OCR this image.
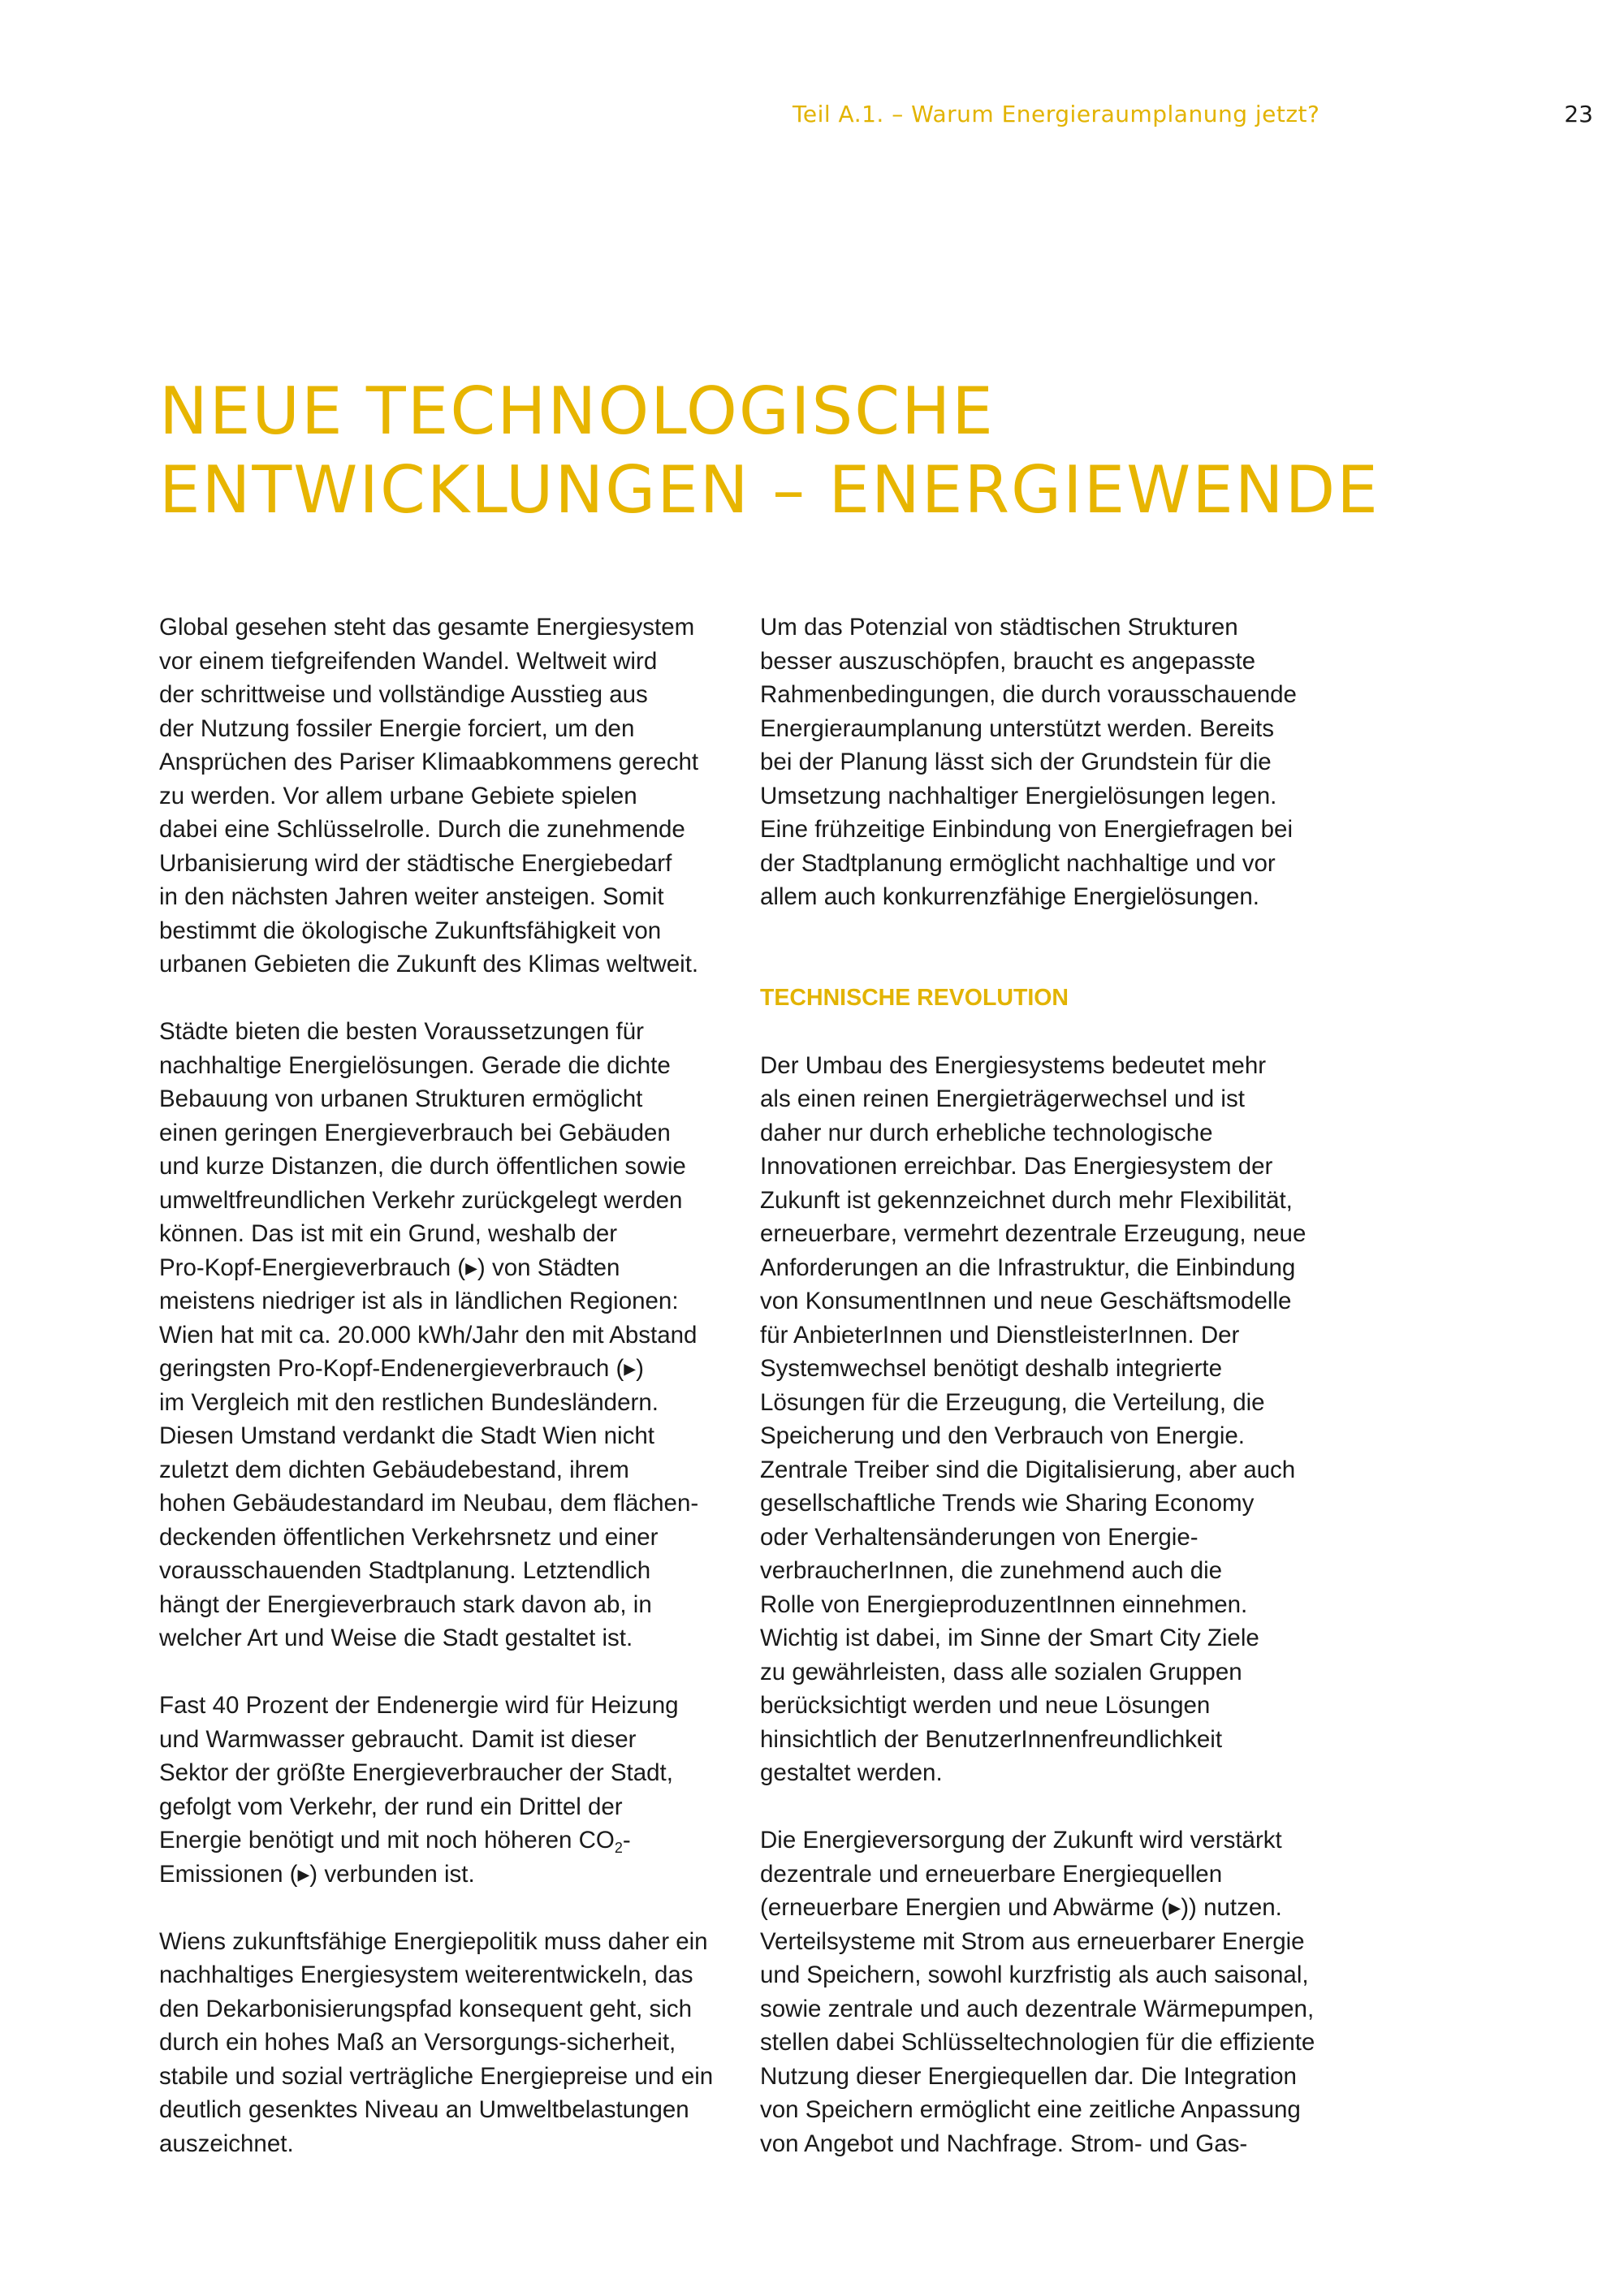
Teil A.1. – Warum Energieraumplanung jetzt?	23
NEUE TECHNOLOGISCHE
ENTWICKLUNGEN – ENERGIEWENDE
Global gesehen steht das gesamte Energiesystem
vor einem tiefgreifenden Wandel. Weltweit wird
der schrittweise und vollständige Ausstieg aus
der Nutzung fossiler Energie forciert, um den
Ansprüchen des Pariser Klimaabkommens gerecht
zu werden. Vor allem urbane Gebiete spielen
dabei eine Schlüsselrolle. Durch die zunehmende
Urbanisierung wird der städtische Energiebedarf
in den nächsten Jahren weiter ansteigen. Somit
bestimmt die ökologische Zukunftsfähigkeit von
urbanen Gebieten die Zukunft des Klimas weltweit.
Städte bieten die besten Voraussetzungen für
nachhaltige Energielösungen. Gerade die dichte
Bebauung von urbanen Strukturen ermöglicht
einen geringen Energieverbrauch bei Gebäuden
und kurze Distanzen, die durch öffentlichen sowie
umweltfreundlichen Verkehr zurückgelegt werden
können. Das ist mit ein Grund, weshalb der
Pro-Kopf-Energieverbrauch (▸) von Städten
meistens niedriger ist als in ländlichen Regionen:
Wien hat mit ca. 20.000 kWh/Jahr den mit Abstand
geringsten Pro-Kopf-Endenergieverbrauch (▸)
im Vergleich mit den restlichen Bundesländern.
Diesen Umstand verdankt die Stadt Wien nicht
zuletzt dem dichten Gebäudebestand, ihrem
hohen Gebäudestandard im Neubau, dem flächen-
deckenden öffentlichen Verkehrsnetz und einer
vorausschauenden Stadtplanung. Letztendlich
hängt der Energieverbrauch stark davon ab, in
welcher Art und Weise die Stadt gestaltet ist.
Fast 40 Prozent der Endenergie wird für Heizung
und Warmwasser gebraucht. Damit ist dieser
Sektor der größte Energieverbraucher der Stadt,
gefolgt vom Verkehr, der rund ein Drittel der
Energie benötigt und mit noch höheren $CO_2-$
Emissionen (▸) verbunden ist.
Wiens zukunftsfähige Energiepolitik muss daher ein
nachhaltiges Energiesystem weiterentwickeln, das
den Dekarbonisierungspfad konsequent geht, sich
durch ein hohes Maß an Versorgungs-sicherheit,
stabile und sozial verträgliche Energiepreise und ein
deutlich gesenktes Niveau an Umweltbelastungen
auszeichnet.
Um das Potenzial von städtischen Strukturen
besser auszuschöpfen, braucht es angepasste
Rahmenbedingungen, die durch vorausschauende
Energieraumplanung unterstützt werden. Bereits
bei der Planung lässt sich der Grundstein für die
Umsetzung nachhaltiger Energielösungen legen.
Eine frühzeitige Einbindung von Energiefragen bei
der Stadtplanung ermöglicht nachhaltige und vor
allem auch konkurrenzfähige Energielösungen.
TECHNISCHE REVOLUTION
Der Umbau des Energiesystems bedeutet mehr
als einen reinen Energieträgerwechsel und ist
daher nur durch erhebliche technologische
Innovationen erreichbar. Das Energiesystem der
Zukunft ist gekennzeichnet durch mehr Flexibilität,
erneuerbare, vermehrt dezentrale Erzeugung, neue
Anforderungen an die Infrastruktur, die Einbindung
von KonsumentInnen und neue Geschäftsmodelle
für AnbieterInnen und DienstleisterInnen. Der
Systemwechsel benötigt deshalb integrierte
Lösungen für die Erzeugung, die Verteilung, die
Speicherung und den Verbrauch von Energie.
Zentrale Treiber sind die Digitalisierung, aber auch
gesellschaftliche Trends wie Sharing Economy
oder Verhaltensänderungen von Energie-
verbraucherInnen, die zunehmend auch die
Rolle von EnergieproduzentInnen einnehmen.
Wichtig ist dabei, im Sinne der Smart City Ziele
zu gewährleisten, dass alle sozialen Gruppen
berücksichtigt werden und neue Lösungen
hinsichtlich der BenutzerInnenfreundlichkeit
gestaltet werden.
Die Energieversorgung der Zukunft wird verstärkt
dezentrale und erneuerbare Energiequellen
(erneuerbare Energien und Abwärme (▸)) nutzen.
Verteilsysteme mit Strom aus erneuerbarer Energie
und Speichern, sowohl kurzfristig als auch saisonal,
sowie zentrale und auch dezentrale Wärmepumpen,
stellen dabei Schlüsseltechnologien für die effiziente
Nutzung dieser Energiequellen dar. Die Integration
von Speichern ermöglicht eine zeitliche Anpassung
von Angebot und Nachfrage. Strom- und Gas-
